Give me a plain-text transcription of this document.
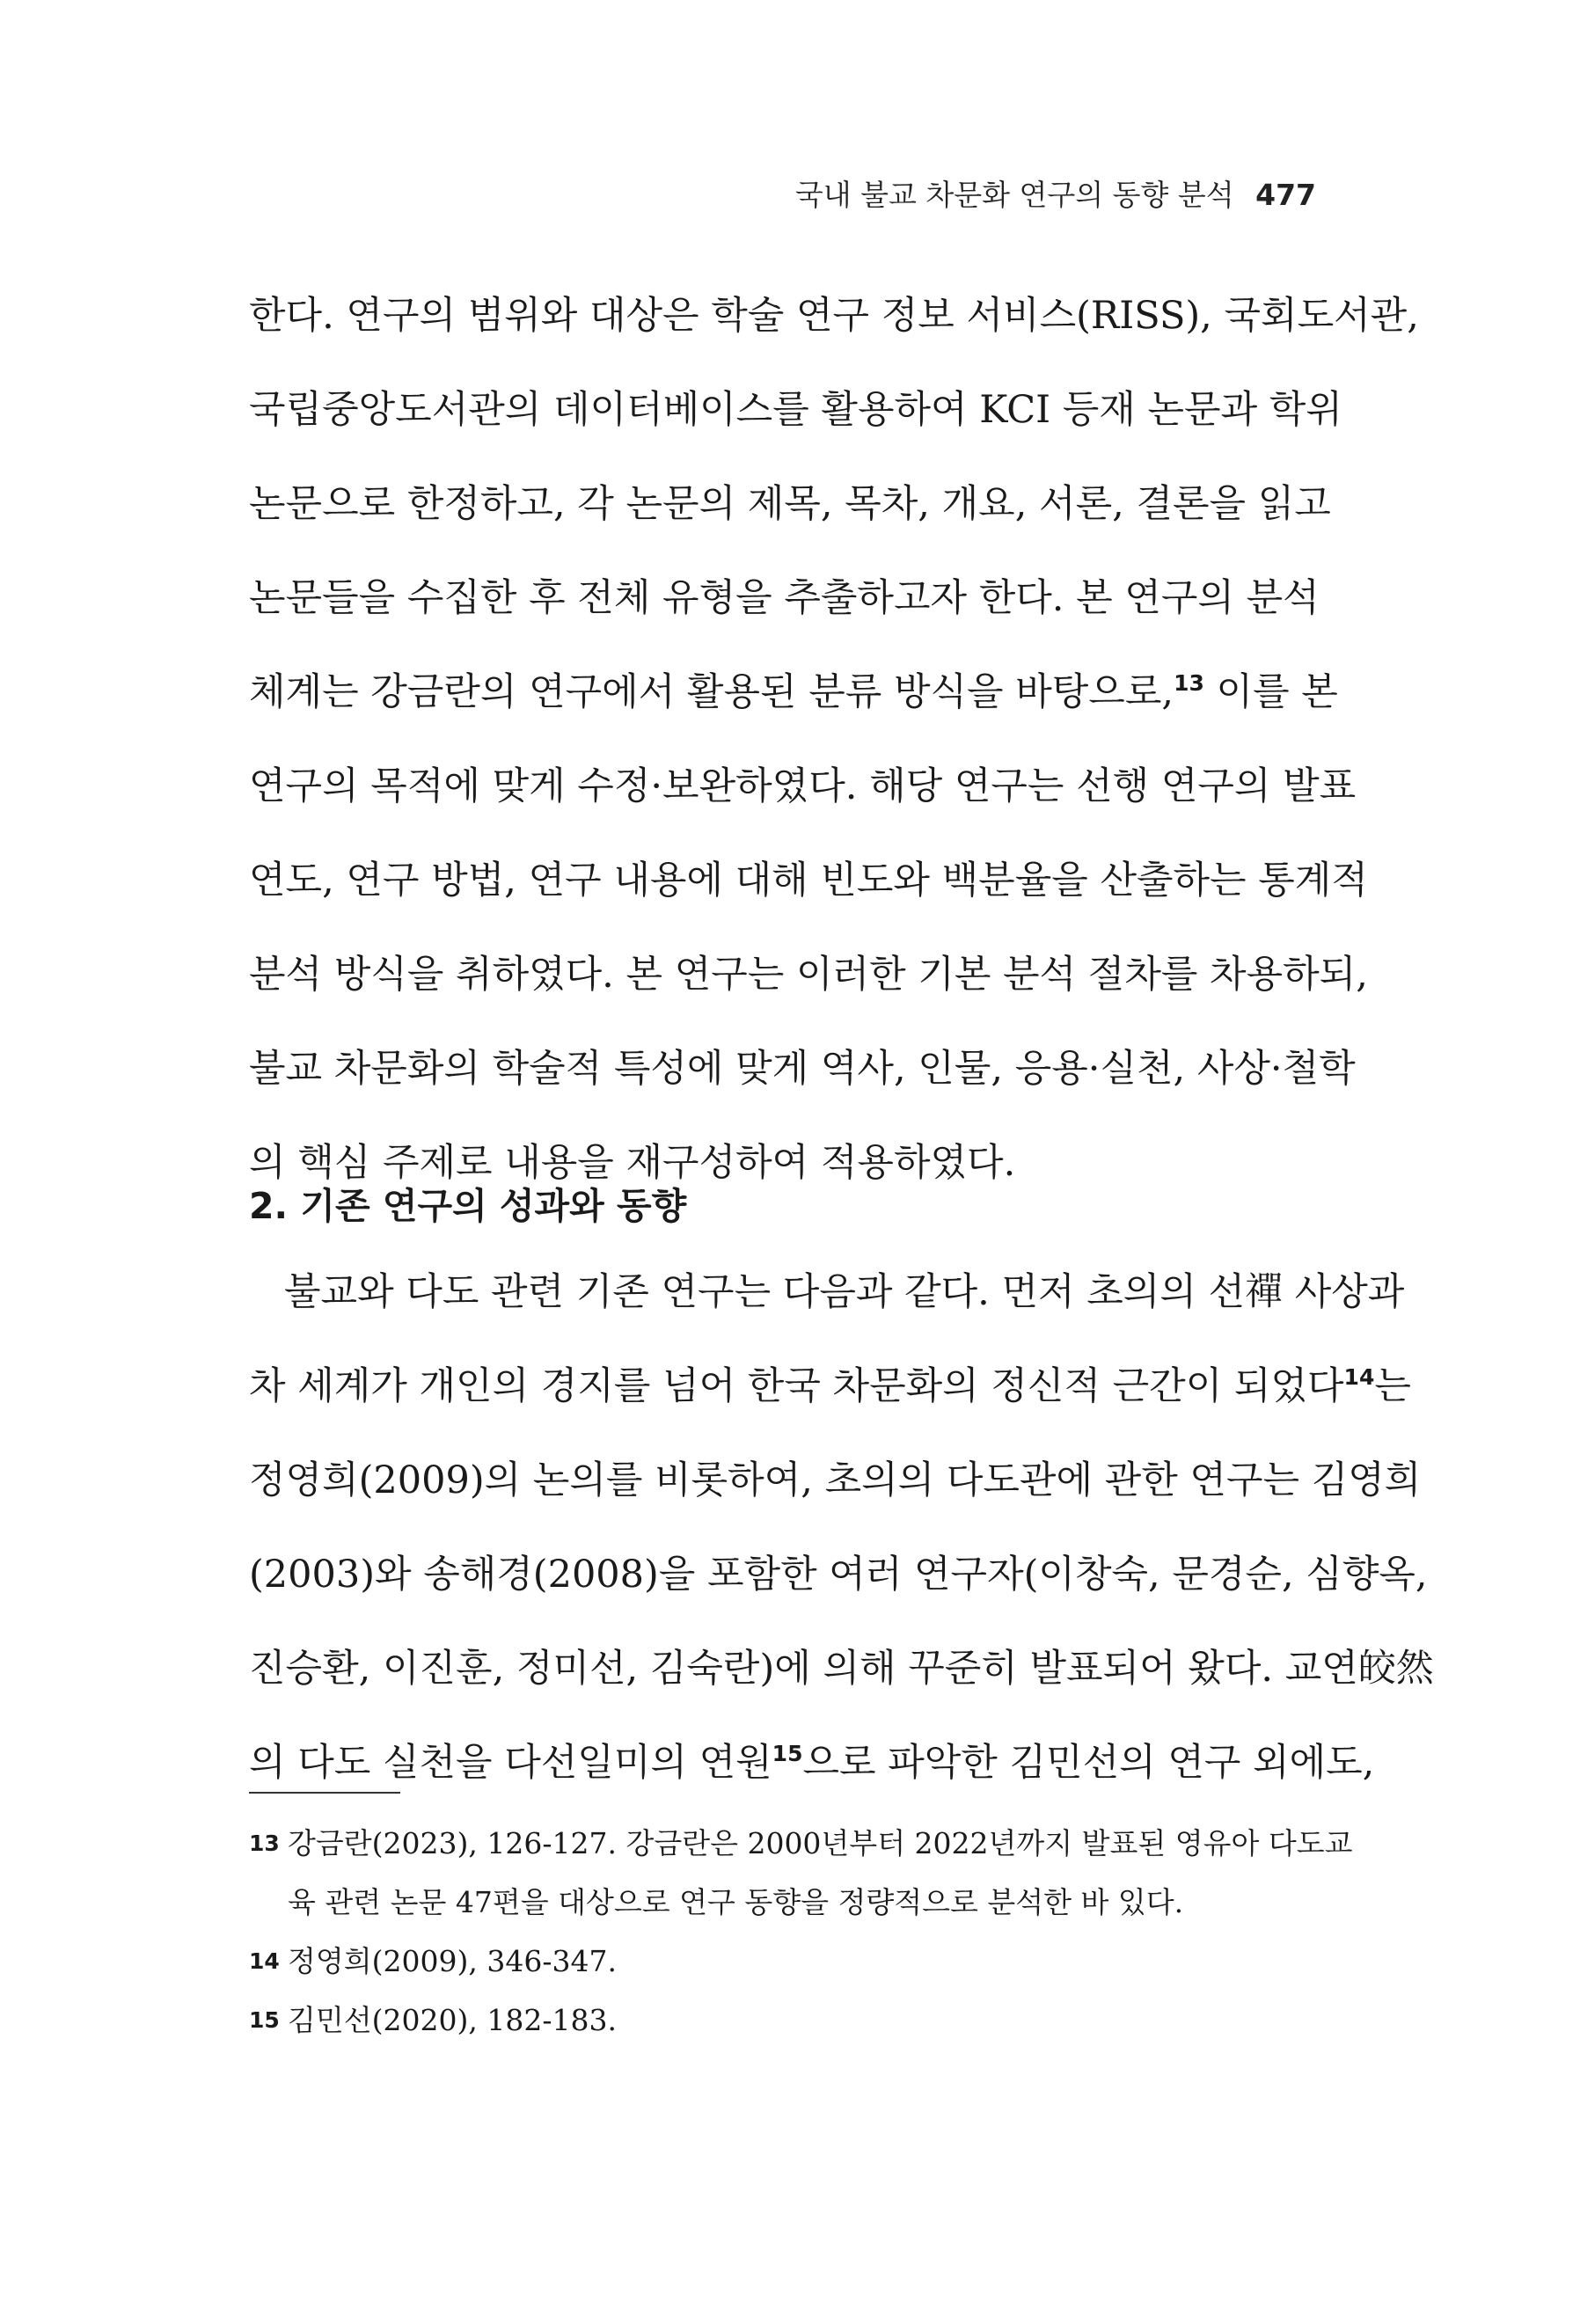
국내 불교 차문화 연구의 동향 분석 477
한다. 연구의 범위와 대상은 학술 연구 정보 서비스(RISS), 국회도서관,
국립중앙도서관의 데이터베이스를 활용하여 KCI 등재 논문과 학위
논문으로 한정하고, 각 논문의 제목, 목차, 개요, 서론, 결론을 읽고
논문들을 수집한 후 전체 유형을 추출하고자 한다. 본 연구의 분석
체계는 강금란의 연구에서 활용된 분류 방식을 바탕으로,$^{13}$ 이를 본
연구의 목적에 맞게 수정·보완하였다. 해당 연구는 선행 연구의 발표
연도, 연구 방법, 연구 내용에 대해 빈도와 백분율을 산출하는 통계적
분석 방식을 취하였다. 본 연구는 이러한 기본 분석 절차를 차용하되,
불교 차문화의 학술적 특성에 맞게 역사, 인물, 응용·실천, 사상·철학
의 핵심 주제로 내용을 재구성하여 적용하였다.
2. 기존 연구의 성과와 동향
불교와 다도 관련 기존 연구는 다음과 같다. 먼저 초의의 선禪 사상과
차 세계가 개인의 경지를 넘어 한국 차문화의 정신적 근간이 되었다$^{14}$는
정영희(2009)의 논의를 비롯하여, 초의의 다도관에 관한 연구는 김영희
(2003)와 송해경(2008)을 포함한 여러 연구자(이창숙, 문경순, 심향옥,
진승환, 이진훈, 정미선, 김숙란)에 의해 꾸준히 발표되어 왔다. 교연皎然
의 다도 실천을 다선일미의 연원$^{15}$으로 파악한 김민선의 연구 외에도,
13 강금란(2023), 126-127. 강금란은 2000년부터 2022년까지 발표된 영유아 다도교
육 관련 논문 47편을 대상으로 연구 동향을 정량적으로 분석한 바 있다.
14 정영희(2009), 346-347.
15 김민선(2020), 182-183.
